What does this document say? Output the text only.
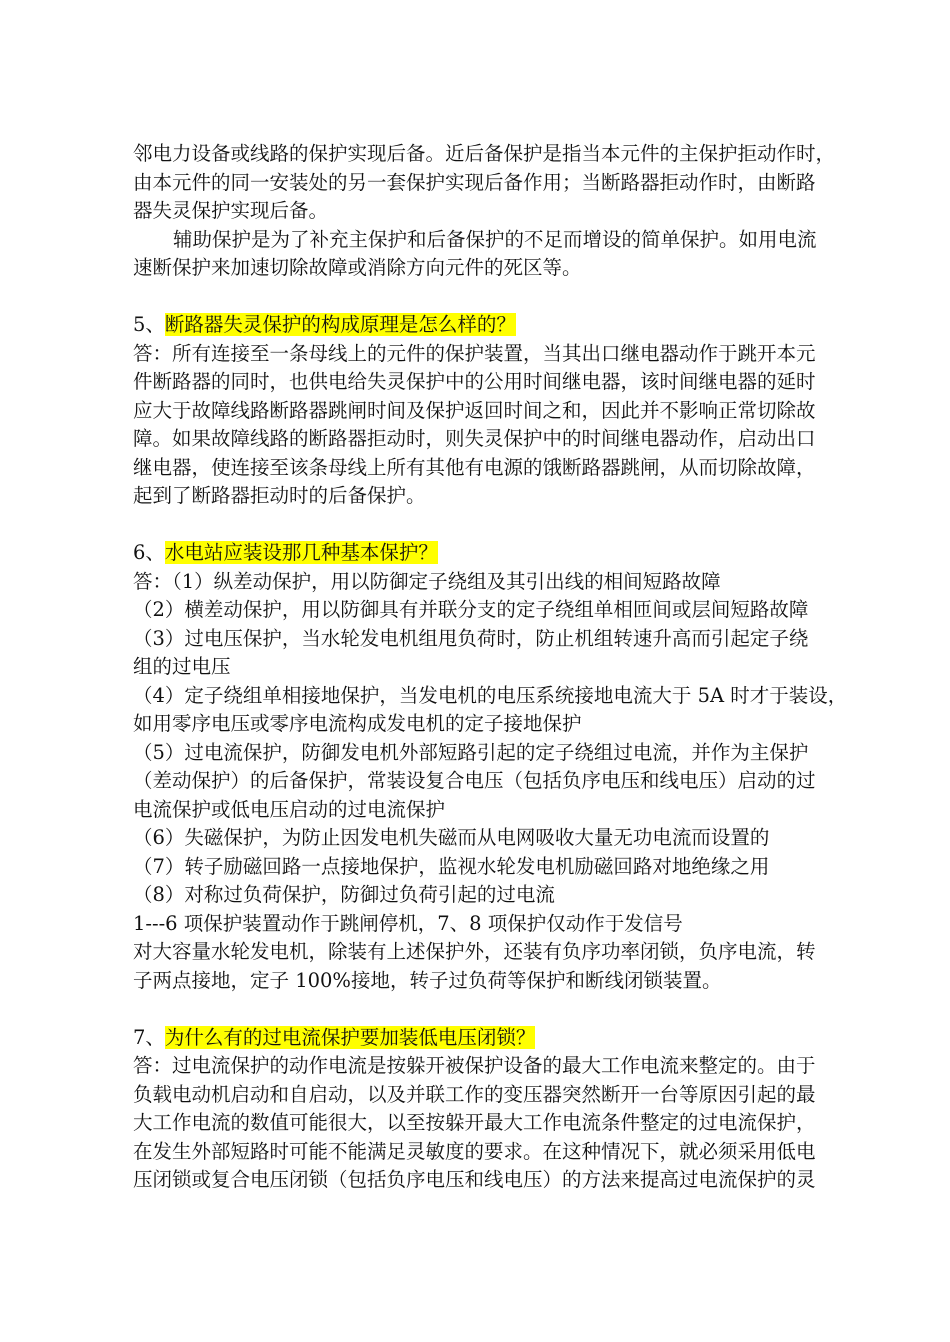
邻电力设备或线路的保护实现后备。近后备保护是指当本元件的主保护拒动作时，
由本元件的同一安装处的另一套保护实现后备作用；当断路器拒动作时，由断路
器失灵保护实现后备。
辅助保护是为了补充主保护和后备保护的不足而增设的简单保护。如用电流
速断保护来加速切除故障或消除方向元件的死区等。
5、断路器失灵保护的构成原理是怎么样的？
答：所有连接至一条母线上的元件的保护装置，当其出口继电器动作于跳开本元
件断路器的同时，也供电给失灵保护中的公用时间继电器，该时间继电器的延时
应大于故障线路断路器跳闸时间及保护返回时间之和，因此并不影响正常切除故
障。如果故障线路的断路器拒动时，则失灵保护中的时间继电器动作，启动出口
继电器，使连接至该条母线上所有其他有电源的饿断路器跳闸，从而切除故障，
起到了断路器拒动时的后备保护。
6、水电站应装设那几种基本保护？
答：（1）纵差动保护，用以防御定子绕组及其引出线的相间短路故障
（2）横差动保护，用以防御具有并联分支的定子绕组单相匝间或层间短路故障
（3）过电压保护，当水轮发电机组甩负荷时，防止机组转速升高而引起定子绕
组的过电压
（4）定子绕组单相接地保护，当发电机的电压系统接地电流大于 5A 时才于装设，
如用零序电压或零序电流构成发电机的定子接地保护
（5）过电流保护，防御发电机外部短路引起的定子绕组过电流，并作为主保护
（差动保护）的后备保护，常装设复合电压（包括负序电压和线电压）启动的过
电流保护或低电压启动的过电流保护
（6）失磁保护，为防止因发电机失磁而从电网吸收大量无功电流而设置的
（7）转子励磁回路一点接地保护，监视水轮发电机励磁回路对地绝缘之用
（8）对称过负荷保护，防御过负荷引起的过电流
1---6 项保护装置动作于跳闸停机，7、8 项保护仅动作于发信号
对大容量水轮发电机，除装有上述保护外，还装有负序功率闭锁，负序电流，转
子两点接地，定子 100%接地，转子过负荷等保护和断线闭锁装置。
7、为什么有的过电流保护要加装低电压闭锁？
答：过电流保护的动作电流是按躲开被保护设备的最大工作电流来整定的。由于
负载电动机启动和自启动，以及并联工作的变压器突然断开一台等原因引起的最
大工作电流的数值可能很大，以至按躲开最大工作电流条件整定的过电流保护，
在发生外部短路时可能不能满足灵敏度的要求。在这种情况下，就必须采用低电
压闭锁或复合电压闭锁（包括负序电压和线电压）的方法来提高过电流保护的灵
